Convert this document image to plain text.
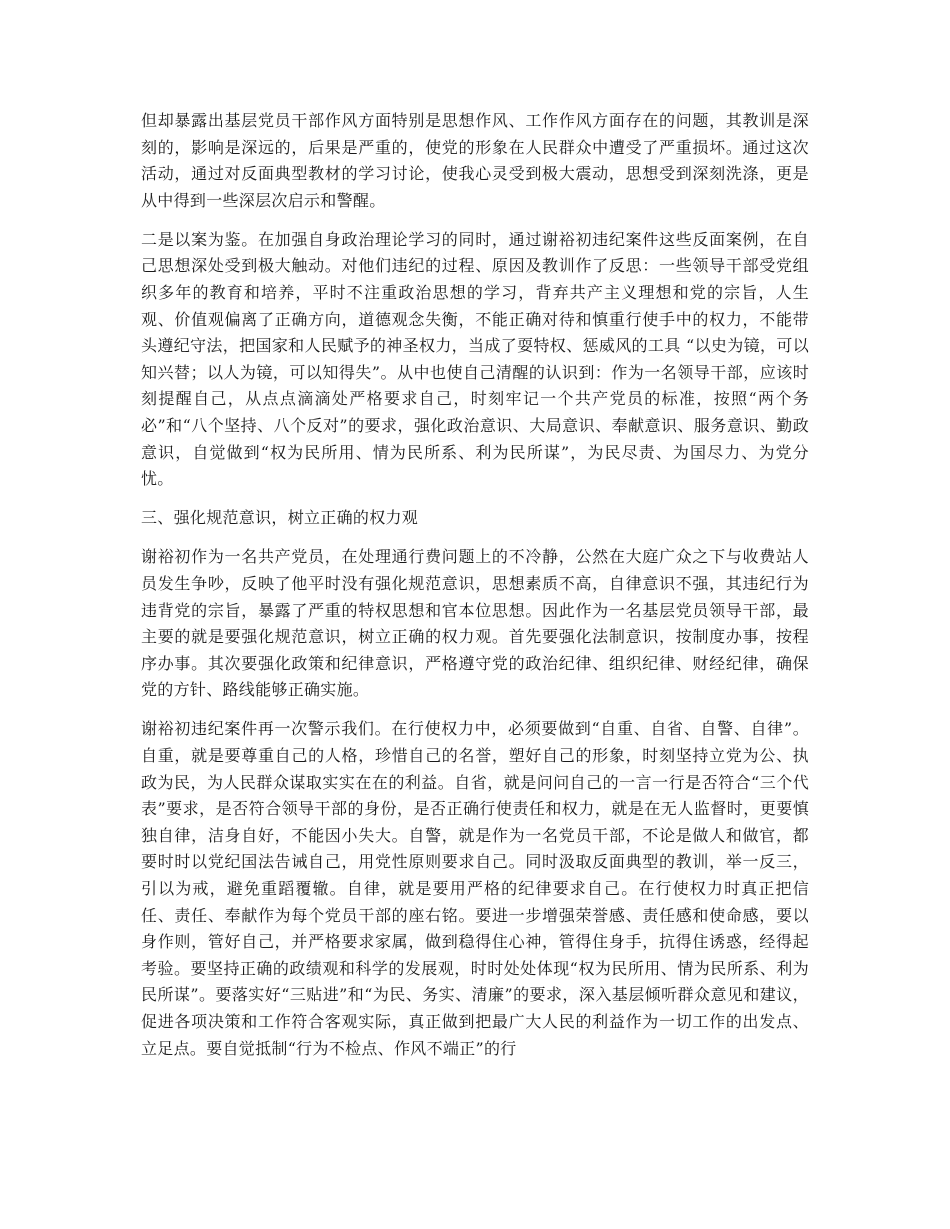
但却暴露出基层党员干部作风方面特别是思想作风、工作作风方面存在的问题，其教训是深刻的，影响是深远的，后果是严重的，使党的形象在人民群众中遭受了严重损坏。通过这次活动，通过对反面典型教材的学习讨论，使我心灵受到极大震动，思想受到深刻洗涤，更是从中得到一些深层次启示和警醒。

二是以案为鉴。在加强自身政治理论学习的同时，通过谢裕初违纪案件这些反面案例，在自己思想深处受到极大触动。对他们违纪的过程、原因及教训作了反思：一些领导干部受党组织多年的教育和培养，平时不注重政治思想的学习，背弃共产主义理想和党的宗旨，人生观、价值观偏离了正确方向，道德观念失衡，不能正确对待和慎重行使手中的权力，不能带头遵纪守法，把国家和人民赋予的神圣权力，当成了耍特权、惩威风的工具 “以史为镜，可以知兴替；以人为镜，可以知得失”。从中也使自己清醒的认识到：作为一名领导干部，应该时刻提醒自己，从点点滴滴处严格要求自己，时刻牢记一个共产党员的标准，按照“两个务必”和“八个坚持、八个反对”的要求，强化政治意识、大局意识、奉献意识、服务意识、勤政意识，自觉做到“权为民所用、情为民所系、利为民所谋”，为民尽责、为国尽力、为党分忧。

三、强化规范意识，树立正确的权力观

谢裕初作为一名共产党员，在处理通行费问题上的不冷静，公然在大庭广众之下与收费站人员发生争吵，反映了他平时没有强化规范意识，思想素质不高，自律意识不强，其违纪行为违背党的宗旨，暴露了严重的特权思想和官本位思想。因此作为一名基层党员领导干部，最主要的就是要强化规范意识，树立正确的权力观。首先要强化法制意识，按制度办事，按程序办事。其次要强化政策和纪律意识，严格遵守党的政治纪律、组织纪律、财经纪律，确保党的方针、路线能够正确实施。

谢裕初违纪案件再一次警示我们。在行使权力中，必须要做到“自重、自省、自警、自律”。自重，就是要尊重自己的人格，珍惜自己的名誉，塑好自己的形象，时刻坚持立党为公、执政为民，为人民群众谋取实实在在的利益。自省，就是问问自己的一言一行是否符合“三个代表”要求，是否符合领导干部的身份，是否正确行使责任和权力，就是在无人监督时，更要慎独自律，洁身自好，不能因小失大。自警，就是作为一名党员干部，不论是做人和做官，都要时时以党纪国法告诫自己，用党性原则要求自己。同时汲取反面典型的教训，举一反三，引以为戒，避免重蹈覆辙。自律，就是要用严格的纪律要求自己。在行使权力时真正把信任、责任、奉献作为每个党员干部的座右铭。要进一步增强荣誉感、责任感和使命感，要以身作则，管好自己，并严格要求家属，做到稳得住心神，管得住身手，抗得住诱惑，经得起考验。要坚持正确的政绩观和科学的发展观，时时处处体现“权为民所用、情为民所系、利为民所谋”。要落实好“三贴进”和“为民、务实、清廉”的要求，深入基层倾听群众意见和建议，促进各项决策和工作符合客观实际，真正做到把最广大人民的利益作为一切工作的出发点、立足点。要自觉抵制“行为不检点、作风不端正”的行
